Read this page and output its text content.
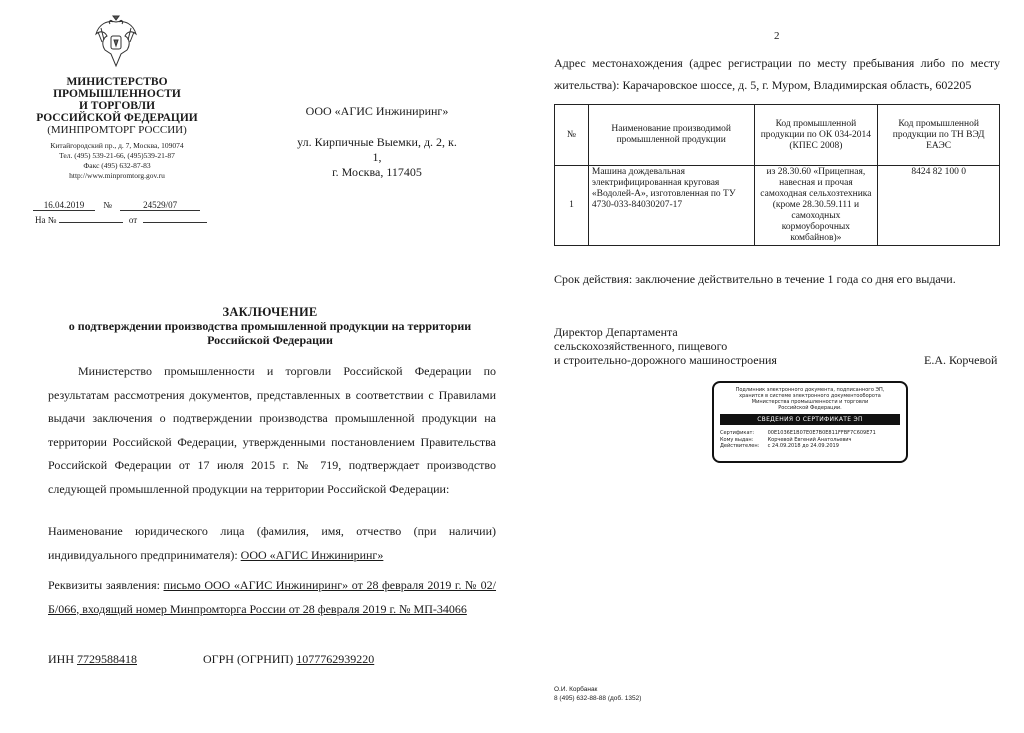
МИНИСТЕРСТВО
ПРОМЫШЛЕННОСТИ
И ТОРГОВЛИ
РОССИЙСКОЙ ФЕДЕРАЦИИ
(МИНПРОМТОРГ РОССИИ)
Китайгородский пр., д. 7, Москва, 109074
Тел. (495) 539-21-66, (495)539-21-87
Факс (495) 632-87-83
http://www.minpromtorg.gov.ru
16.04.2019 №	24529/07
На №	от
ООО «АГИС Инжиниринг»
ул. Кирпичные Выемки, д. 2, к. 1,
г. Москва, 117405
ЗАКЛЮЧЕНИЕ
о подтверждении производства промышленной продукции на территории
Российской Федерации

Министерство промышленности и торговли Российской Федерации по результатам рассмотрения документов, представленных в соответствии с Правилами выдачи заключения о подтверждении производства промышленной продукции на территории Российской Федерации, утвержденными постановлением Правительства Российской Федерации от 17 июля 2015 г. № 719, подтверждает производство следующей промышленной продукции на территории Российской Федерации:

Наименование юридического лица (фамилия, имя, отчество (при наличии) индивидуального предпринимателя): ООО «АГИС Инжиниринг»

Реквизиты заявления: письмо ООО «АГИС Инжиниринг» от 28 февраля 2019 г. № 02/Б/066, входящий номер Минпромторга России от 28 февраля 2019 г. № МП-34066

ИНН 7729588418	ОГРН (ОГРНИП) 1077762939220
2
Адрес местонахождения (адрес регистрации по месту пребывания либо по месту жительства): Карачаровское шоссе, д. 5, г. Муром, Владимирская область, 602205
№	Наименование производимой промышленной продукции	Код промышленной продукции по ОК 034-2014 (КПЕС 2008)	Код промышленной продукции по ТН ВЭД ЕАЭС
1	Машина дождевальная электрифицированная круговая «Водолей-А», изготовленная по ТУ 4730-033-84030207-17	из 28.30.60 «Прицепная, навесная и прочая самоходная сельхозтехника (кроме 28.30.59.111 и самоходных кормоуборочных комбайнов)»	8424 82 100 0
Срок действия: заключение действительно в течение 1 года со дня его выдачи.
Директор Департамента
сельскохозяйственного, пищевого
и строительно-дорожного машиностроения	Е.А. Корчевой
Подлинник электронного документа, подписанного ЭП,
хранится в системе электронного документооборота
Министерства промышленности и торговли
Российской Федерации.
СВЕДЕНИЯ О СЕРТИФИКАТЕ ЭП
Сертификат:	00E1036E1B07E0E7B0E811FFBF7C609E71
Кому выдан:	Корчевой Евгений Анатольевич
Действителен: с 24.09.2018 до 24.09.2019
О.И. Корбанак
8 (495) 632-88-88 (доб. 1352)
